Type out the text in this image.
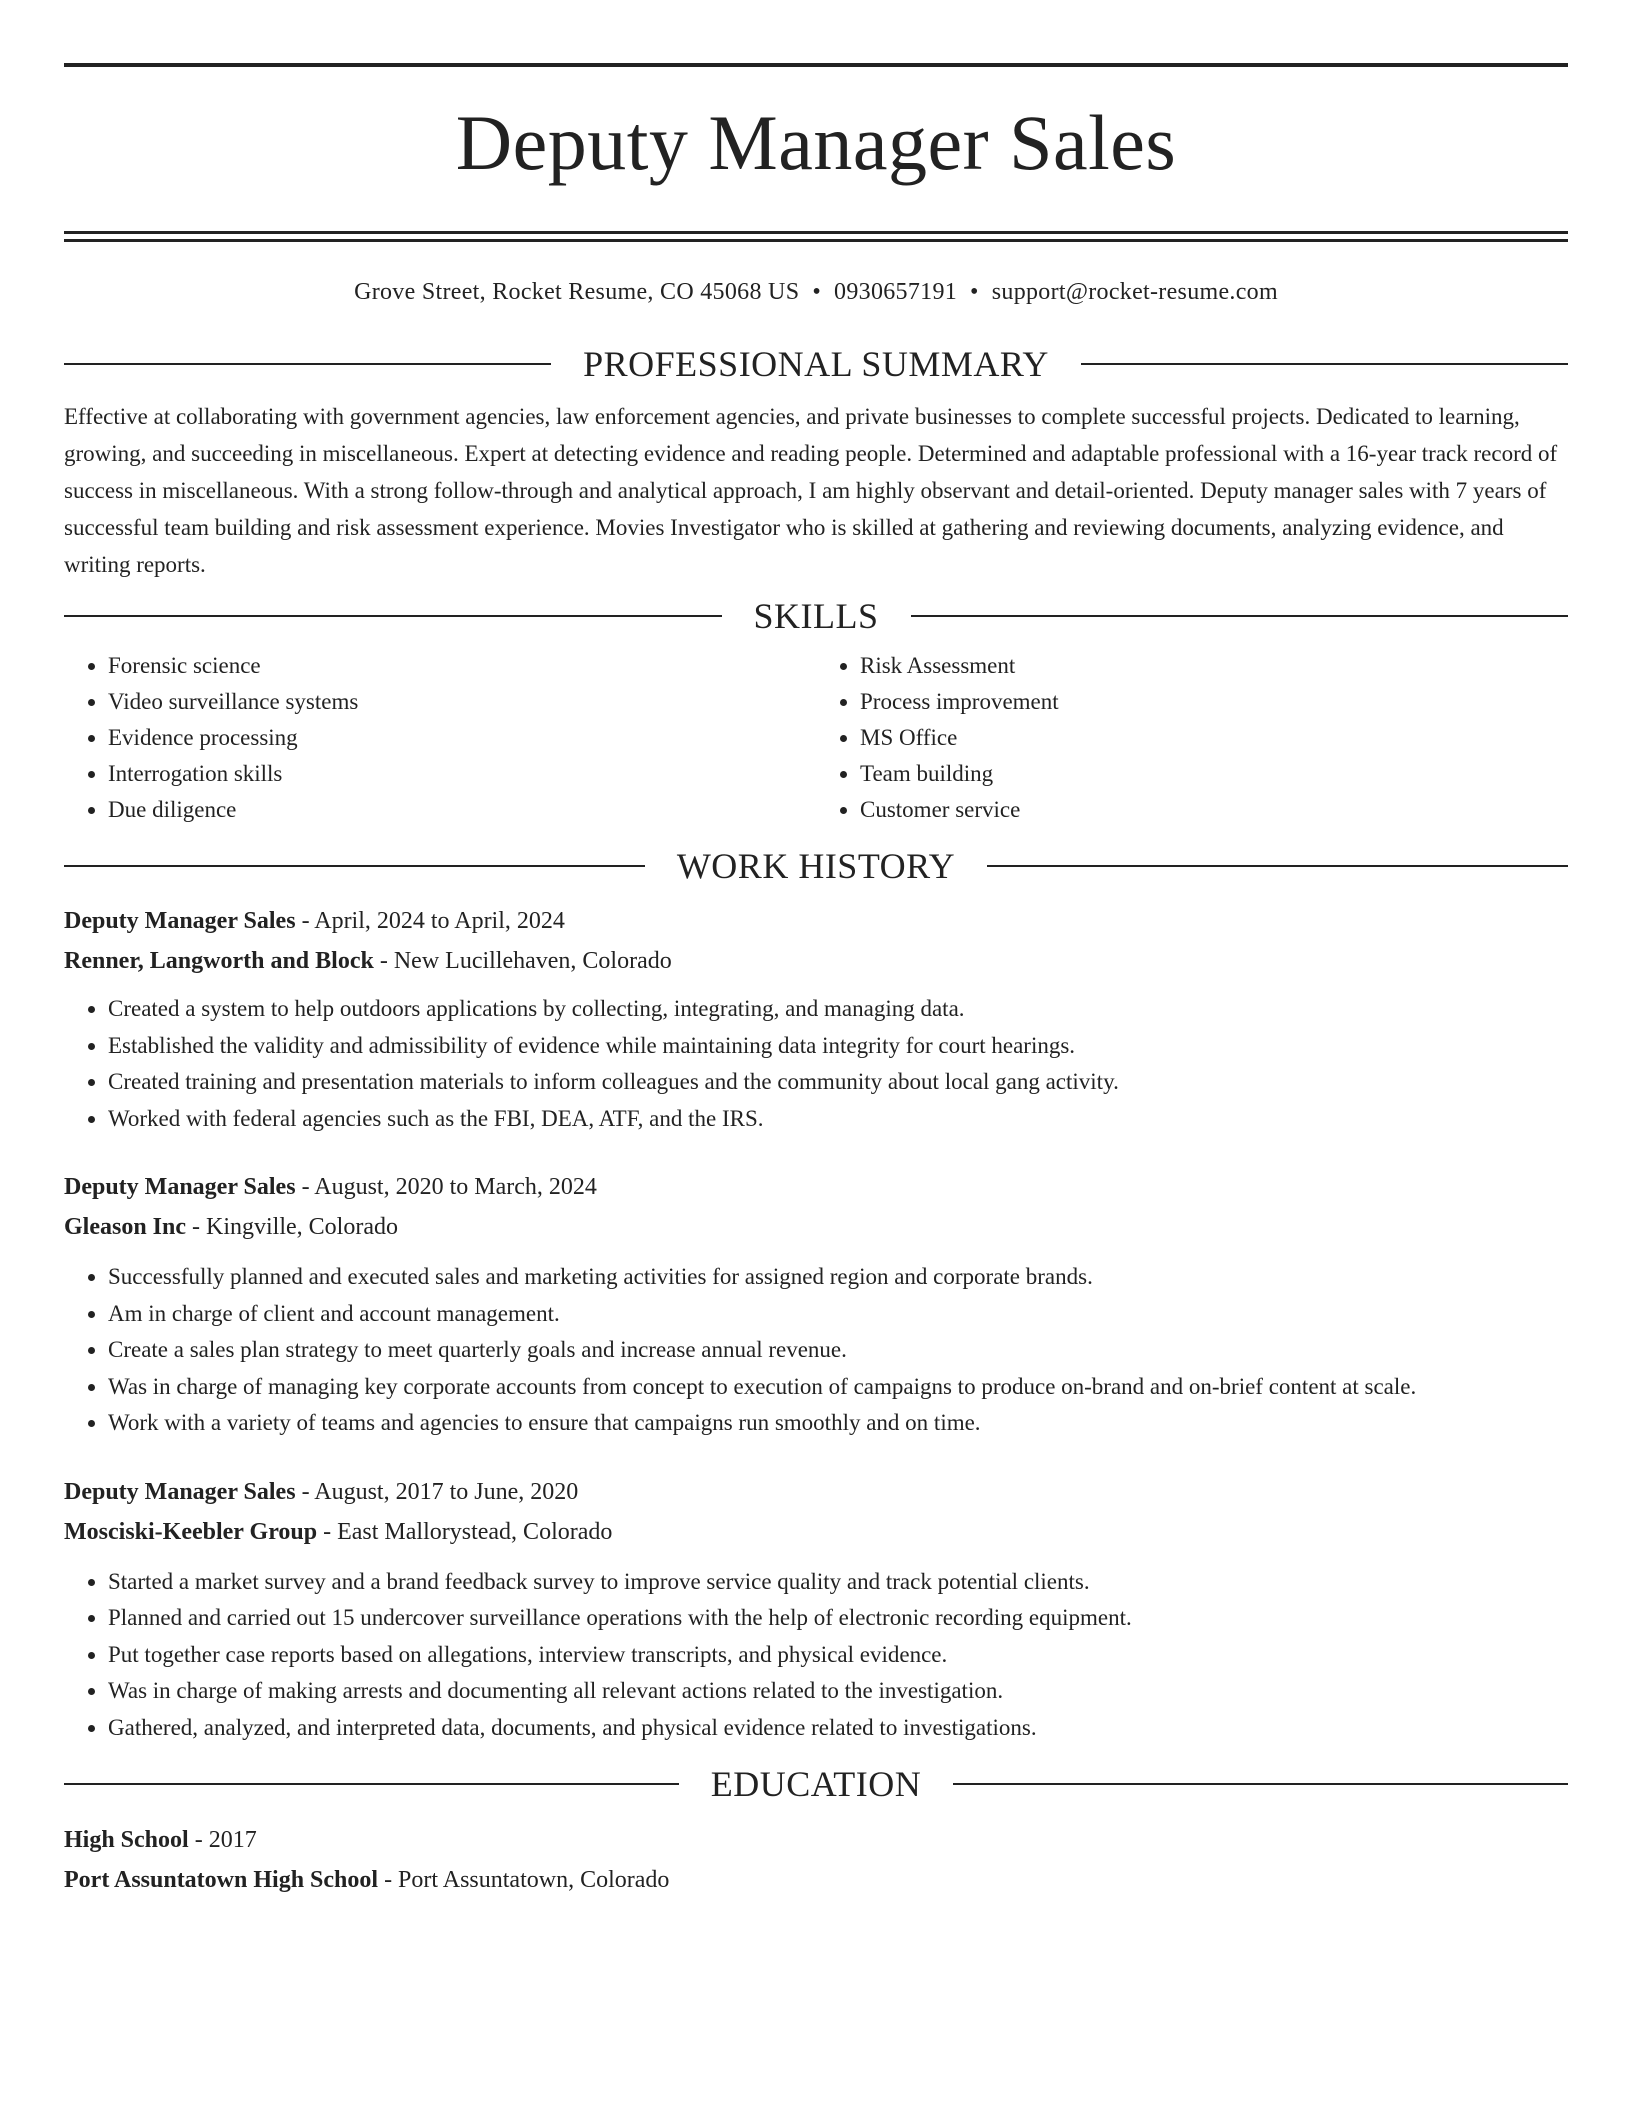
Deputy Manager Sales
Grove Street, Rocket Resume, CO 45068 US • 0930657191 • support@rocket-resume.com
PROFESSIONAL SUMMARY

Effective at collaborating with government agencies, law enforcement agencies, and private businesses to complete successful projects. Dedicated to learning, growing, and succeeding in miscellaneous. Expert at detecting evidence and reading people. Determined and adaptable professional with a 16-year track record of success in miscellaneous. With a strong follow-through and analytical approach, I am highly observant and detail-oriented. Deputy manager sales with 7 years of successful team building and risk assessment experience. Movies Investigator who is skilled at gathering and reviewing documents, analyzing evidence, and writing reports.

SKILLS
• Forensic science
• Video surveillance systems
• Evidence processing
• Interrogation skills
• Due diligence
• Risk Assessment
• Process improvement
• MS Office
• Team building
• Customer service
WORK HISTORY
Deputy Manager Sales - April, 2024 to April, 2024
Renner, Langworth and Block - New Lucillehaven, Colorado
• Created a system to help outdoors applications by collecting, integrating, and managing data.
• Established the validity and admissibility of evidence while maintaining data integrity for court hearings.
• Created training and presentation materials to inform colleagues and the community about local gang activity.
• Worked with federal agencies such as the FBI, DEA, ATF, and the IRS.
Deputy Manager Sales - August, 2020 to March, 2024
Gleason Inc - Kingville, Colorado
• Successfully planned and executed sales and marketing activities for assigned region and corporate brands.
• Am in charge of client and account management.
• Create a sales plan strategy to meet quarterly goals and increase annual revenue.
• Was in charge of managing key corporate accounts from concept to execution of campaigns to produce on-brand and on-brief content at scale.
• Work with a variety of teams and agencies to ensure that campaigns run smoothly and on time.
Deputy Manager Sales - August, 2017 to June, 2020
Mosciski-Keebler Group - East Mallorystead, Colorado
• Started a market survey and a brand feedback survey to improve service quality and track potential clients.
• Planned and carried out 15 undercover surveillance operations with the help of electronic recording equipment.
• Put together case reports based on allegations, interview transcripts, and physical evidence.
• Was in charge of making arrests and documenting all relevant actions related to the investigation.
• Gathered, analyzed, and interpreted data, documents, and physical evidence related to investigations.
EDUCATION
High School - 2017
Port Assuntatown High School - Port Assuntatown, Colorado
